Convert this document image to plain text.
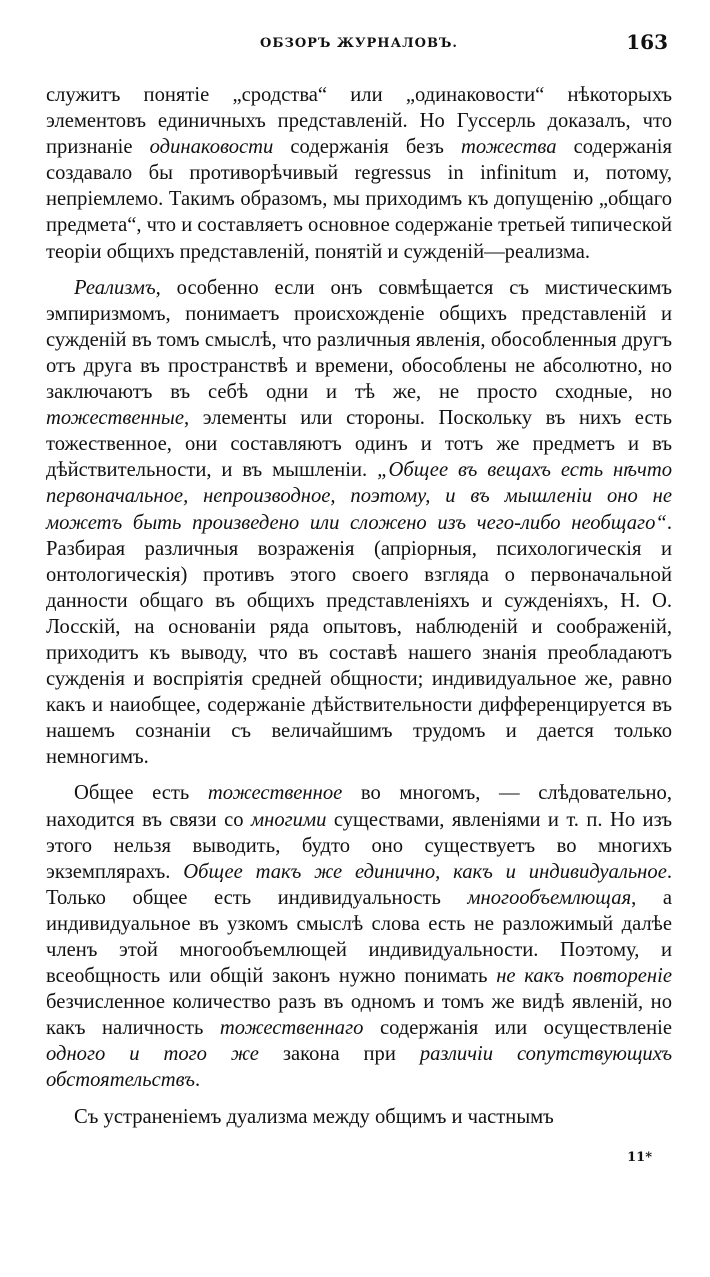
ОБЗОРЪ ЖУРНАЛОВЪ.	163

служитъ понятіе „сродства“ или „одинаковости“ нѣкоторыхъ элементовъ единичныхъ представленій. Но Гуссерль доказалъ, что признаніе одинаковости содержанія безъ тожества содержанія создавало бы противорѣчивый regressus in infinitum и, потому, непріемлемо. Такимъ образомъ, мы приходимъ къ допущенію „общаго предмета“, что и составляетъ основное содержаніе третьей типической теоріи общихъ представленій, понятій и сужденій—реализма.

Реализмъ, особенно если онъ совмѣщается съ мистическимъ эмпиризмомъ, понимаетъ происхожденіе общихъ представленій и сужденій въ томъ смыслѣ, что различныя явленія, обособленныя другъ отъ друга въ пространствѣ и времени, обособлены не абсолютно, но заключаютъ въ себѣ одни и тѣ же, не просто сходные, но тожественные, элементы или стороны. Поскольку въ нихъ есть тожественное, они составляютъ одинъ и тотъ же предметъ и въ дѣйствительности, и въ мышленіи. „Общее въ вещахъ есть нѣчто первоначальное, непроизводное, поэтому, и въ мышленіи оно не можетъ быть произведено или сложено изъ чего-либо необщаго“. Разбирая различныя возраженія (апріорныя, психологическія и онтологическія) противъ этого своего взгляда о первоначальной данности общаго въ общихъ представленіяхъ и сужденіяхъ, Н. О. Лосскій, на основаніи ряда опытовъ, наблюденій и соображеній, приходитъ къ выводу, что въ составѣ нашего знанія преобладаютъ сужденія и воспріятія средней общности; индивидуальное же, равно какъ и наиобщее, содержаніе дѣйствительности дифференцируется въ нашемъ сознаніи съ величайшимъ трудомъ и дается только немногимъ.

Общее есть тожественное во многомъ, — слѣдовательно, находится въ связи со многими существами, явленіями и т. п. Но изъ этого нельзя выводить, будто оно существуетъ во многихъ экземплярахъ. Общее такъ же единично, какъ и индивидуальное. Только общее есть индивидуальность многообъемлющая, а индивидуальное въ узкомъ смыслѣ слова есть не разложимый далѣе членъ этой многообъемлющей индивидуальности. Поэтому, и всеобщность или общій законъ нужно понимать не какъ повтореніе безчисленное количество разъ въ одномъ и томъ же видѣ явленій, но какъ наличность тожественнаго содержанія или осуществленіе одного и того же закона при различіи сопутствующихъ обстоятельствъ.

Съ устраненіемъ дуализма между общимъ и частнымъ

11*
